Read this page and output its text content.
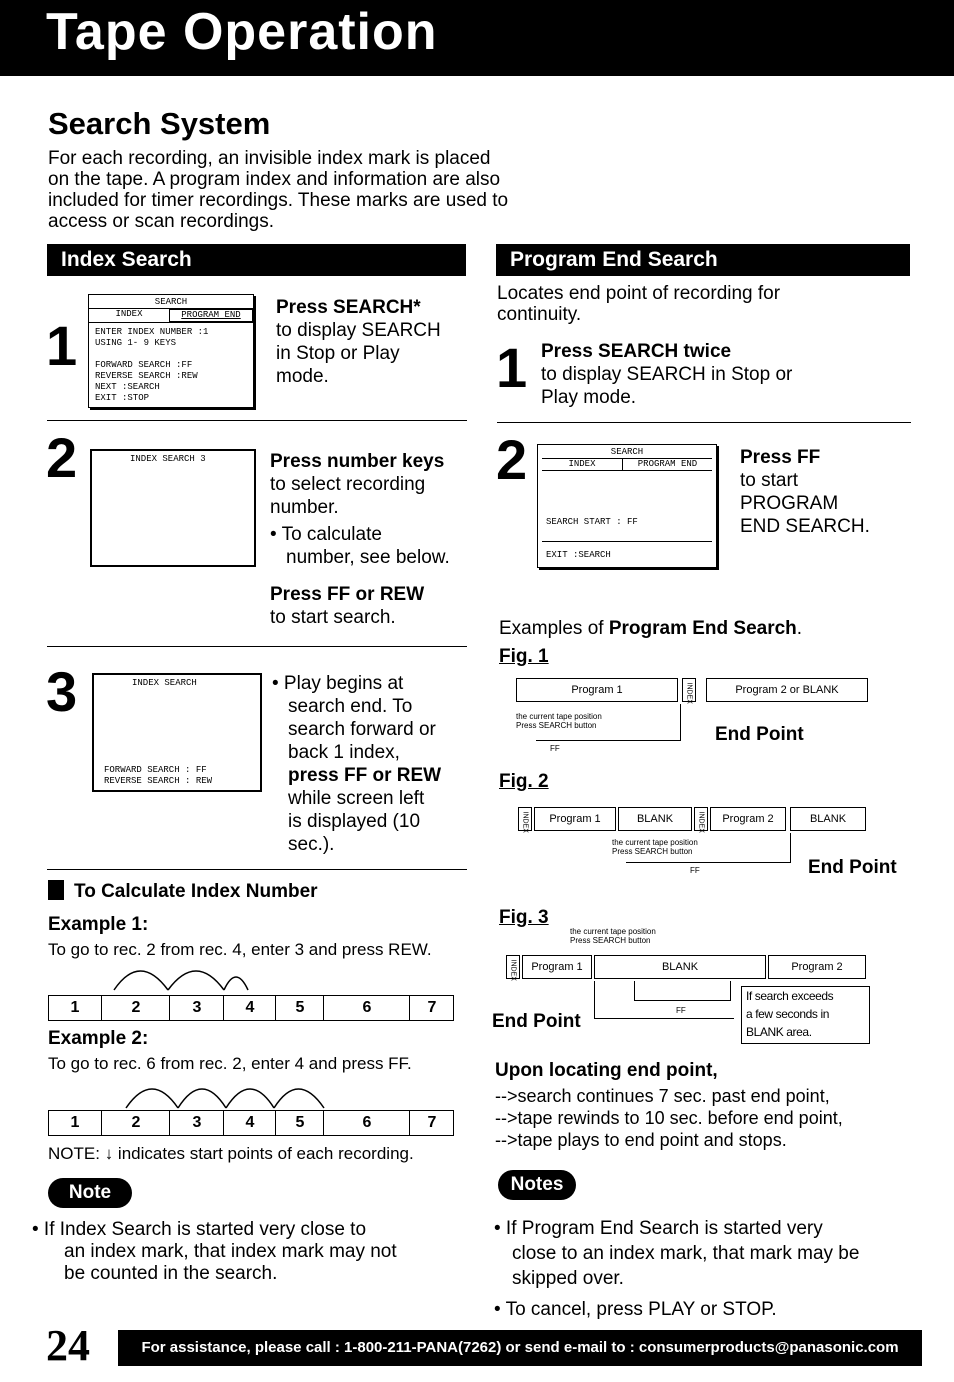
Tape Operation
Search System
For each recording, an invisible index mark is placed
on the tape. A program index and information are also
included for timer recordings. These marks are used to
access or scan recordings.
Index Search
1
SEARCH
INDEX	PROGRAM END
ENTER INDEX NUMBER :1
USING 1- 9 KEYS
FORWARD SEARCH :FF
REVERSE SEARCH :REW
NEXT :SEARCH
EXIT :STOP
Press SEARCH*
to display SEARCH
in Stop or Play
mode.
2	INDEX SEARCH 3	Press number keys
to select recording
number.
• To calculate
number, see below.
Press FF or REW
to start search.
3	INDEX SEARCH
FORWARD SEARCH : FF
REVERSE SEARCH : REW
• Play begins at
search end. To
search forward or
back 1 index,
press FF or REW
while screen left
is displayed (10
sec.).
To Calculate Index Number
Example 1:
To go to rec. 2 from rec. 4, enter 3 and press REW.
1	2	3	4	5	6	7
Example 2:
To go to rec. 6 from rec. 2, enter 4 and press FF.
1	2	3	4	5	6	7
NOTE: ↓ indicates start points of each recording.
Note
• If Index Search is started very close to
an index mark, that index mark may not
be counted in the search.
Program End Search
Locates end point of recording for
continuity.
1 Press SEARCH twice
to display SEARCH in Stop or
Play mode.
2	SEARCH
INDEX	PROGRAM END
SEARCH START : FF
EXIT :SEARCH
Press FF
to start
PROGRAM
END SEARCH.
Examples of Program End Search.
Fig. 1
Program 1	INDEX	Program 2 or BLANK
the current tape position
Press SEARCH button
FF
End Point
Fig. 2
INDEX	Program 1	BLANK	INDEX	Program 2	BLANK
the current tape position
Press SEARCH button
FF	End Point
Fig. 3
the current tape position
Press SEARCH button
INDEX	Program 1	BLANK	Program 2
FF
End Point
If search exceeds
a few seconds in
BLANK area.
Upon locating end point,
-->search continues 7 sec. past end point,
-->tape rewinds to 10 sec. before end point,
-->tape plays to end point and stops.
Notes
• If Program End Search is started very
close to an index mark, that mark may be
skipped over.
• To cancel, press PLAY or STOP.
24	For assistance, please call : 1-800-211-PANA(7262) or send e-mail to : consumerproducts@panasonic.com
